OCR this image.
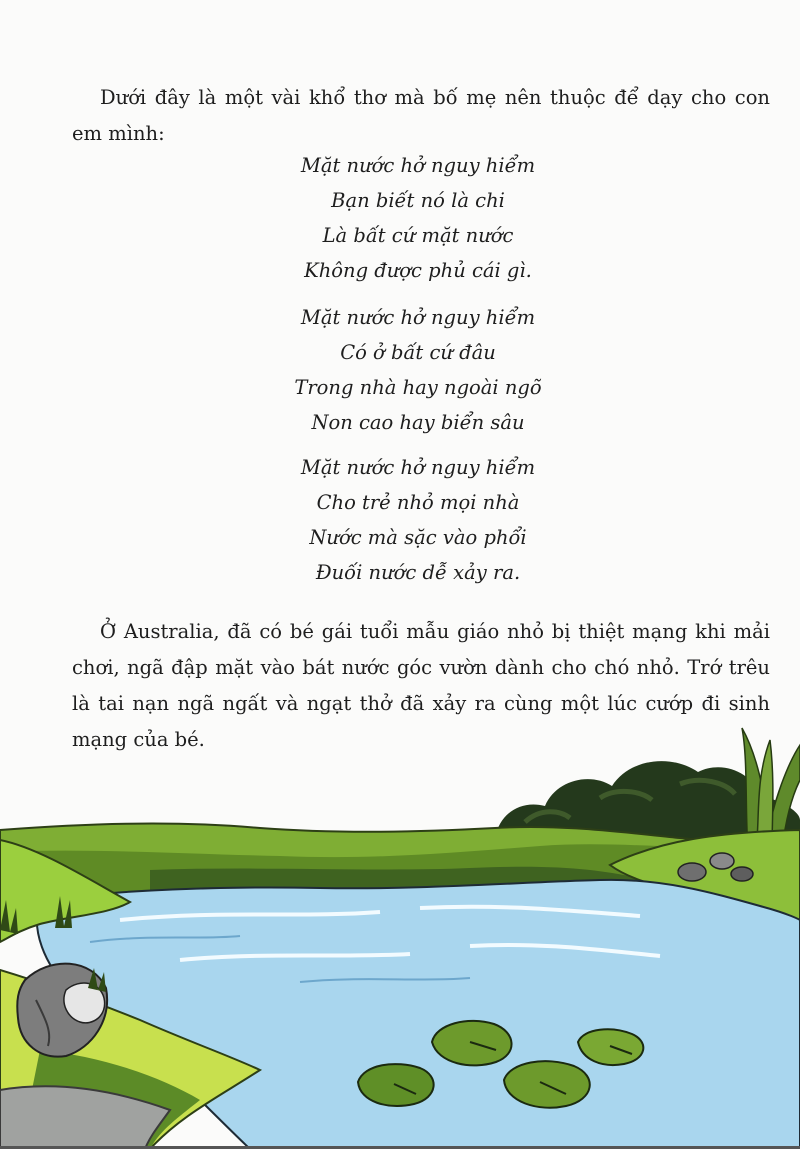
Dưới đây là một vài khổ thơ mà bố mẹ nên thuộc để dạy cho con em mình:

Mặt nước hở nguy hiểm
Bạn biết nó là chi
Là bất cứ mặt nước
Không được phủ cái gì.
Mặt nước hở nguy hiểm
Có ở bất cứ đâu
Trong nhà hay ngoài ngõ
Non cao hay biển sâu
Mặt nước hở nguy hiểm
Cho trẻ nhỏ mọi nhà
Nước mà sặc vào phổi
Đuối nước dễ xảy ra.

Ở Australia, đã có bé gái tuổi mẫu giáo nhỏ bị thiệt mạng khi mải chơi, ngã đập mặt vào bát nước góc vườn dành cho chó nhỏ. Trớ trêu là tai nạn ngã ngất và ngạt thở đã xảy ra cùng một lúc cướp đi sinh mạng của bé.
